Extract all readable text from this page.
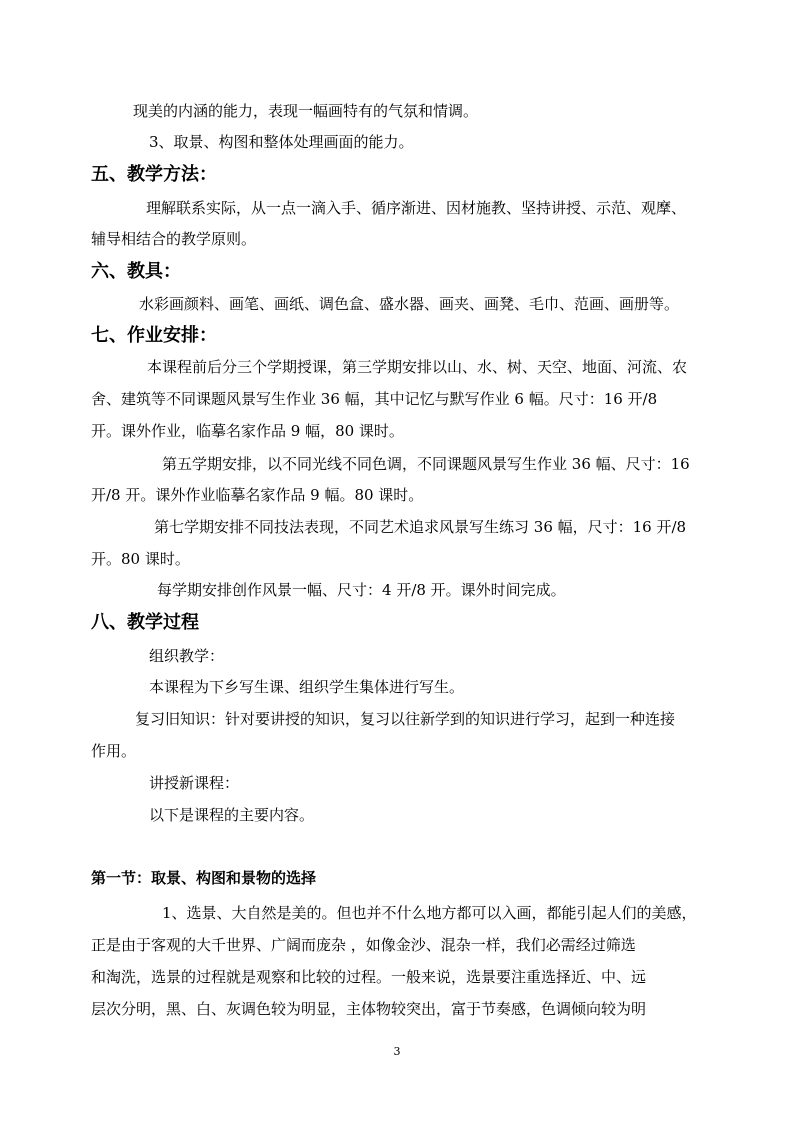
现美的内涵的能力，表现一幅画特有的气氛和情调。
3、取景、构图和整体处理画面的能力。
五、教学方法：
理解联系实际，从一点一滴入手、循序渐进、因材施教、坚持讲授、示范、观摩、
辅导相结合的教学原则。
六、教具：
水彩画颜料、画笔、画纸、调色盒、盛水器、画夹、画凳、毛巾、范画、画册等。
七、作业安排：
本课程前后分三个学期授课，第三学期安排以山、水、树、天空、地面、河流、农
舍、建筑等不同课题风景写生作业 36 幅，其中记忆与默写作业 6 幅。尺寸：16 开/8
开。课外作业，临摹名家作品 9 幅，80 课时。
第五学期安排，以不同光线不同色调，不同课题风景写生作业 36 幅、尺寸：16
开/8 开。课外作业临摹名家作品 9 幅。80 课时。
第七学期安排不同技法表现，不同艺术追求风景写生练习 36 幅，尺寸：16 开/8
开。80 课时。
每学期安排创作风景一幅、尺寸：4 开/8 开。课外时间完成。
八、教学过程
组织教学：
本课程为下乡写生课、组织学生集体进行写生。
复习旧知识：针对要讲授的知识，复习以往新学到的知识进行学习，起到一种连接
作用。
讲授新课程：
以下是课程的主要内容。
第一节：取景、构图和景物的选择
1、选景、大自然是美的。但也并不什么地方都可以入画，都能引起人们的美感，
正是由于客观的大千世界、广阔而庞杂 ，如像金沙、混杂一样，我们必需经过筛选
和淘洗，选景的过程就是观察和比较的过程。一般来说，选景要注重选择近、中、远
层次分明，黑、白、灰调色较为明显，主体物较突出，富于节奏感，色调倾向较为明
3
